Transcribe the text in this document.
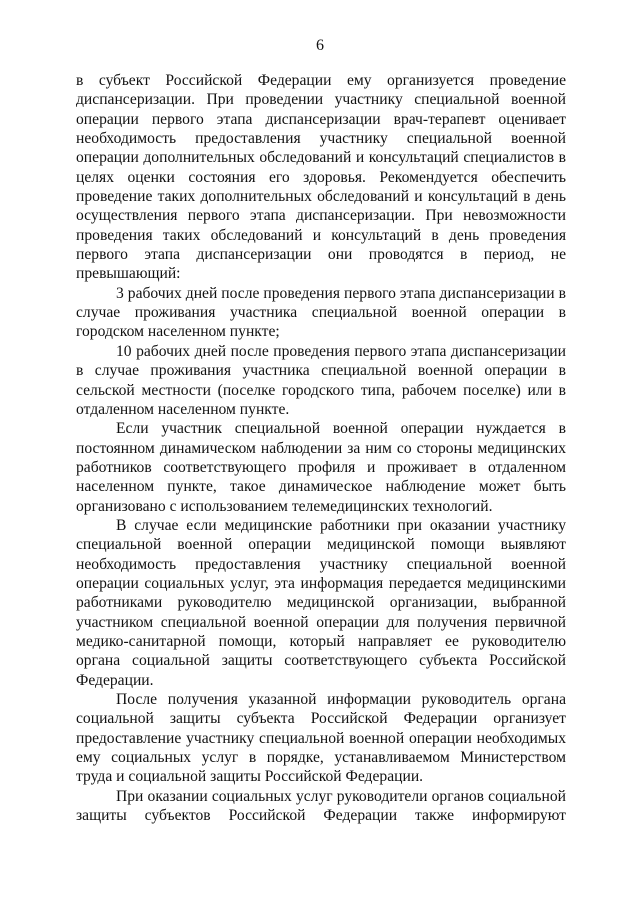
6

в субъект Российской Федерации ему организуется проведение диспансеризации. При проведении участнику специальной военной операции первого этапа диспансеризации врач-терапевт оценивает необходимость предоставления участнику специальной военной операции дополнительных обследований и консультаций специалистов в целях оценки состояния его здоровья. Рекомендуется обеспечить проведение таких дополнительных обследований и консультаций в день осуществления первого этапа диспансеризации. При невозможности проведения таких обследований и консультаций в день проведения первого этапа диспансеризации они проводятся в период, не превышающий:

3 рабочих дней после проведения первого этапа диспансеризации в случае проживания участника специальной военной операции в городском населенном пункте;

10 рабочих дней после проведения первого этапа диспансеризации в случае проживания участника специальной военной операции в сельской местности (поселке городского типа, рабочем поселке) или в отдаленном населенном пункте.

Если участник специальной военной операции нуждается в постоянном динамическом наблюдении за ним со стороны медицинских работников соответствующего профиля и проживает в отдаленном населенном пункте, такое динамическое наблюдение может быть организовано с использованием телемедицинских технологий.

В случае если медицинские работники при оказании участнику специальной военной операции медицинской помощи выявляют необходимость предоставления участнику специальной военной операции социальных услуг, эта информация передается медицинскими работниками руководителю медицинской организации, выбранной участником специальной военной операции для получения первичной медико-санитарной помощи, который направляет ее руководителю органа социальной защиты соответствующего субъекта Российской Федерации.

После получения указанной информации руководитель органа социальной защиты субъекта Российской Федерации организует предоставление участнику специальной военной операции необходимых ему социальных услуг в порядке, устанавливаемом Министерством труда и социальной защиты Российской Федерации.

При оказании социальных услуг руководители органов социальной защиты субъектов Российской Федерации также информируют
